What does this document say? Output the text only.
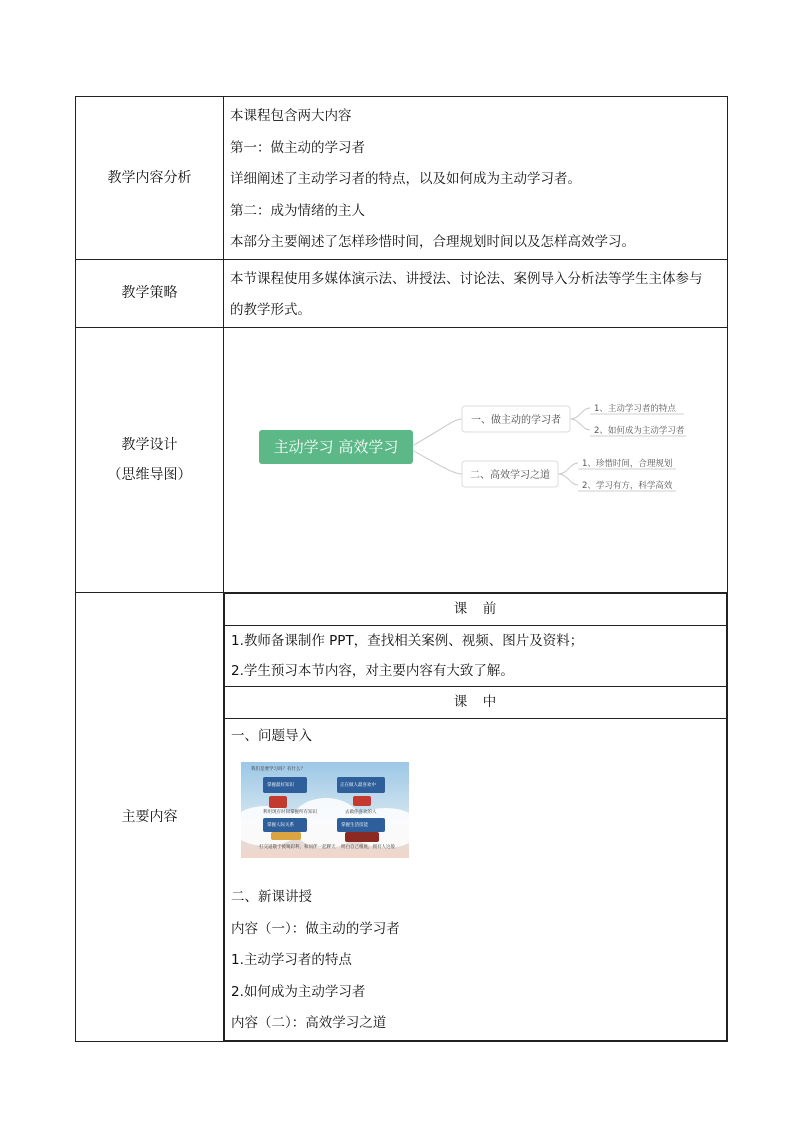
教学内容分析	
本课程包含两大内容
第一：做主动的学习者
详细阐述了主动学习者的特点，以及如何成为主动学习者。
第二：成为情绪的主人
本部分主要阐述了怎样珍惜时间，合理规划时间以及怎样高效学习。

教学策略	
本节课程使用多媒体演示法、讲授法、讨论法、案例导入分析法等学生主体参与
的教学形式。

教学设计
（思维导图）

主动学习 高效学习
一、做主动的学习者
二、高效学习之道
1、主动学习者的特点
2、如何成为主动学习者
1、珍惜时间，合理规划
2、学习有方，科学高效

主要内容	
课　前

1.教师备课制作 PPT，查找相关案例、视频、图片及资料；
2.学生预习本节内容，对主要内容有大致了解。

课　中

一、问题导入
我们是要学习吗？有什么？
掌握最好知识	正在做人最喜欢中
利用现有时间掌握所有知识	去做你喜欢的人
掌握人际关系	掌握生活技能
打交道敬于被喝彩利，和同伴一起聊天 明白自己根底，拥有人这般
二、新课讲授
内容（一）：做主动的学习者
1.主动学习者的特点
2.如何成为主动学习者
内容（二）：高效学习之道
